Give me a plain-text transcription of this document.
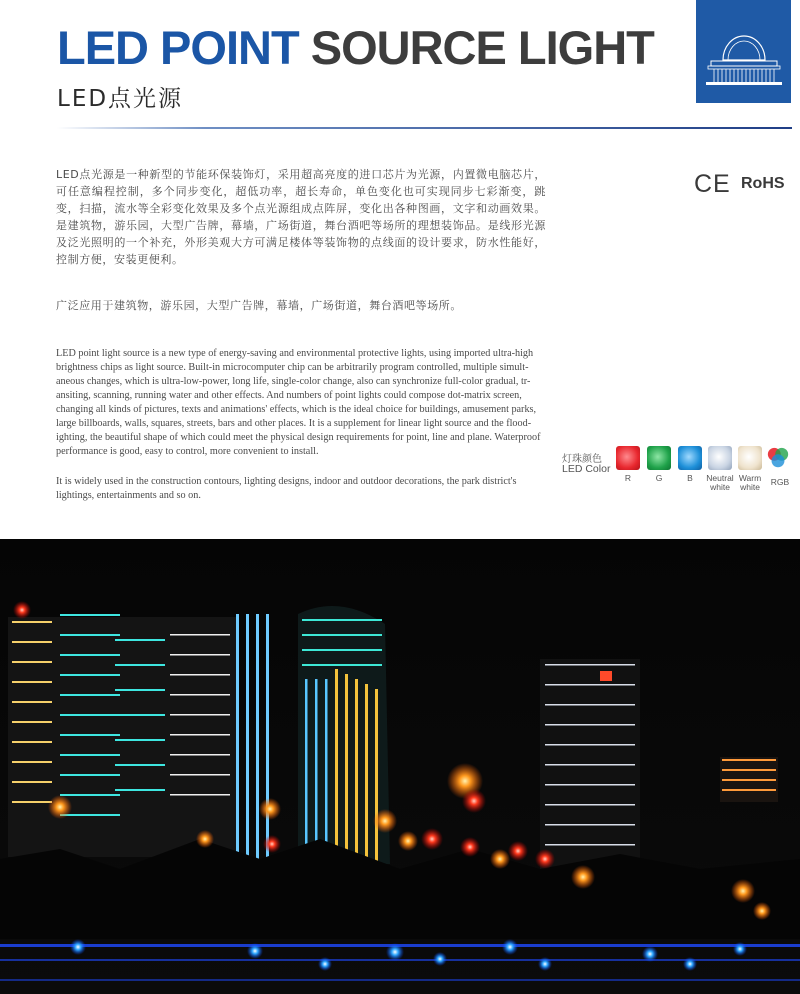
LED POINT SOURCE LIGHT
LED点光源

LED点光源是一种新型的节能环保装饰灯，采用超高亮度的进口芯片为光源，内置微电脑芯片，可任意编程控制，多个同步变化，超低功率，超长寿命，单色变化也可实现同步七彩渐变，跳变，扫描，流水等全彩变化效果及多个点光源组成点阵屏，变化出各种图画，文字和动画效果。是建筑物，游乐园，大型广告牌，幕墙，广场街道，舞台酒吧等场所的理想装饰品。是线形光源及泛光照明的一个补充，外形美观大方可满足楼体等装饰物的点线面的设计要求，防水性能好，控制方便，安装更便利。

广泛应用于建筑物，游乐园，大型广告牌，幕墙，广场街道，舞台酒吧等场所。

CE RoHS

LED point light source is a new type of energy-saving and environmental protective lights, using imported ultra-high brightness chips as light source. Built-in microcomputer chip can be arbitrarily program controlled, multiple simult-aneous changes, which is ultra-low-power, long life, single-color change, also can synchronize full-color gradual, tr-ansiting, scanning, running water and other effects. And numbers of point lights could compose dot-matrix screen, changing all kinds of pictures, texts and animations' effects, which is the ideal choice for buildings, amusement parks, large billboards, walls, squares, streets, bars and other places. It is a supplement for linear light source and the flood-ighting, the beautiful shape of which could meet the physical design requirements for point, line and plane. Waterproof performance is good, easy to control, more convenient to install.

It is widely used in the construction contours, lighting designs, indoor and outdoor decorations, the park district's lightings, entertainments and so on.

灯珠颜色
LED Color
R	G	B	Neutral white
Warm white	RGB
